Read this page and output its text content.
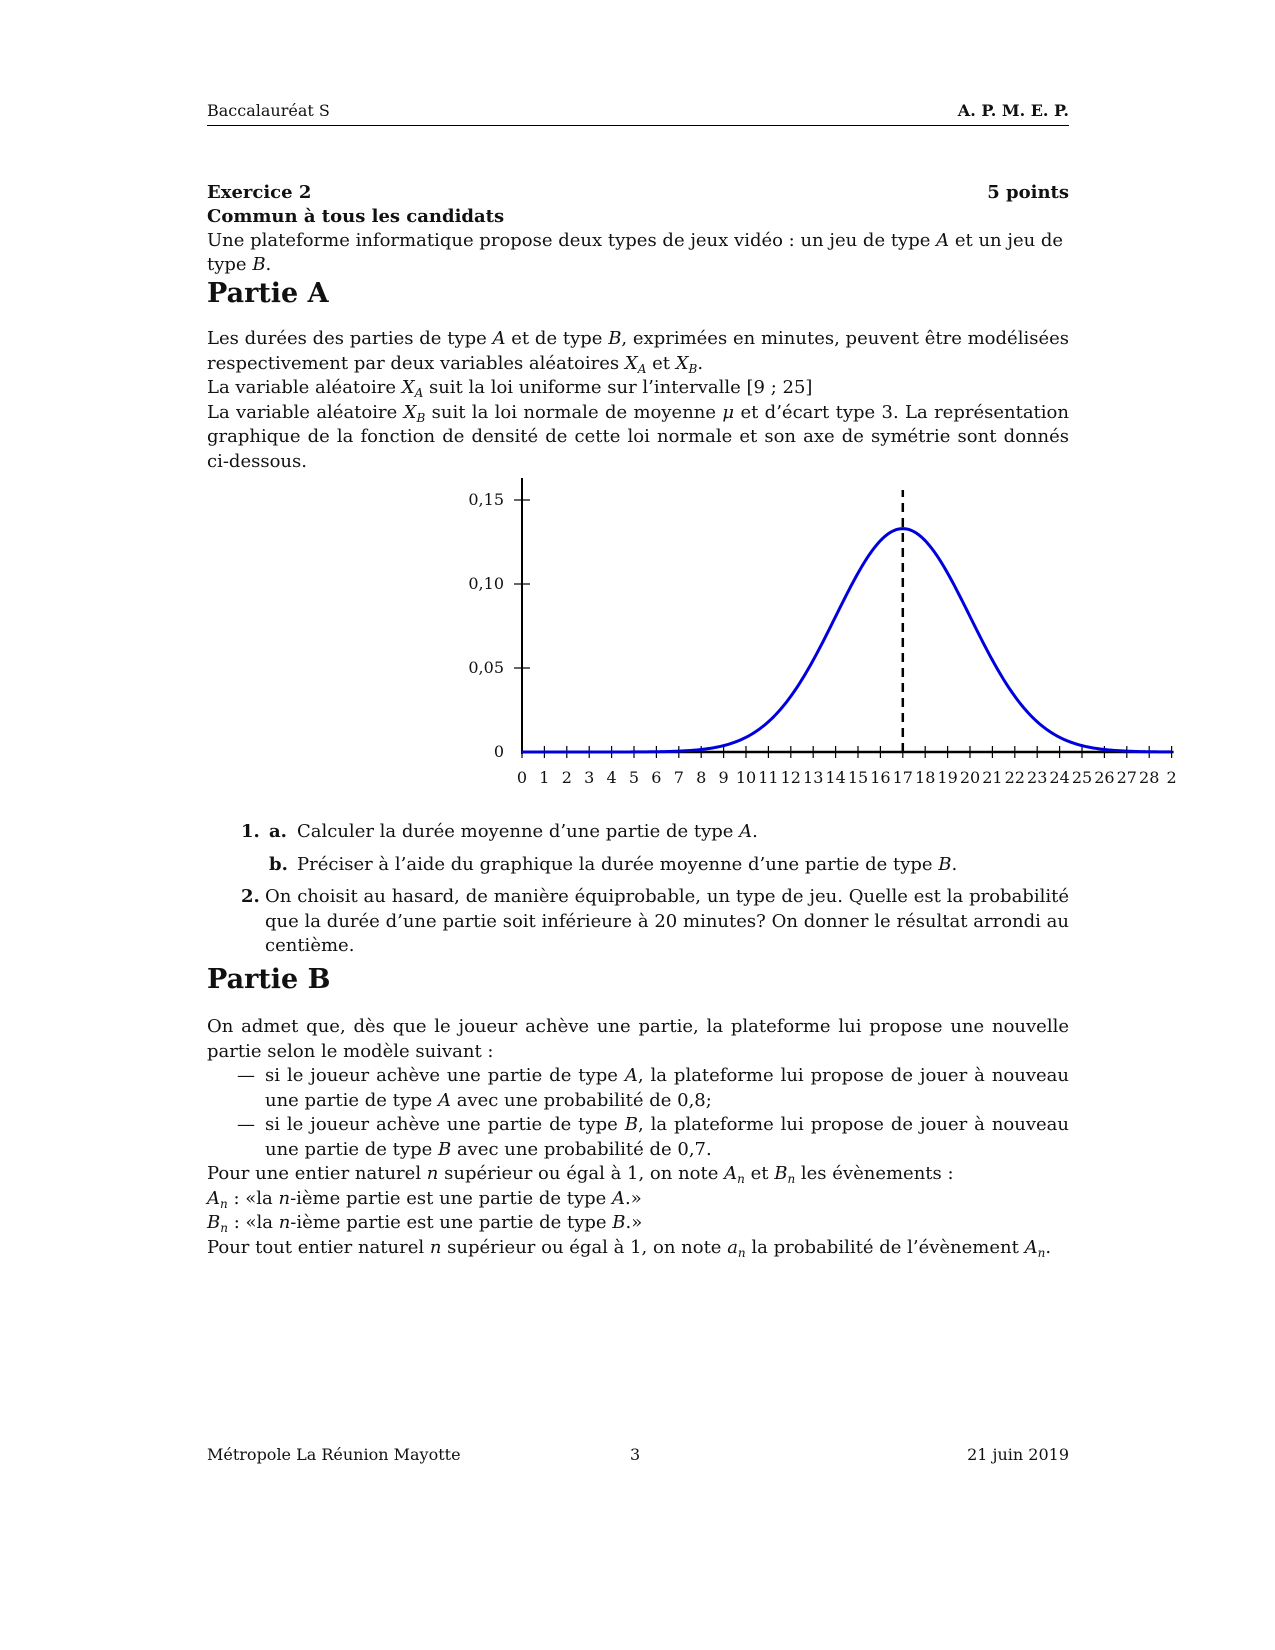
Baccalauréat S	A. P. M. E. P.
Exercice 2	5 points
Commun à tous les candidats
Une plateforme informatique propose deux types de jeux vidéo : un jeu de type A et un jeu de type B.
Partie A

Les durées des parties de type A et de type B, exprimées en minutes, peuvent être modélisées respectivement par deux variables aléatoires $X_A$ et $X_B$.

La variable aléatoire $X_A$ suit la loi uniforme sur l’intervalle [9 ; 25]

La variable aléatoire $X_B$ suit la loi normale de moyenne μ et d’écart type 3. La représentation graphique de la fonction de densité de cette loi normale et son axe de symétrie sont donnés ci-dessous.

0 1 2 3 4 5 6 7 8 9 10 11 12 13 14 15 16 17 18 19 20 21 22 23 24 25 26 27 28 2
0
0,05
0,10
0,15
1. a. Calculer la durée moyenne d’une partie de type A.
b. Préciser à l’aide du graphique la durée moyenne d’une partie de type B.
2. On choisit au hasard, de manière équiprobable, un type de jeu. Quelle est la probabilité que la durée d’une partie soit inférieure à 20 minutes? On donner le résultat arrondi au centième.
Partie B

On admet que, dès que le joueur achève une partie, la plateforme lui propose une nouvelle partie selon le modèle suivant :

— si le joueur achève une partie de type A, la plateforme lui propose de jouer à nouveau une partie de type A avec une probabilité de 0,8;
— si le joueur achève une partie de type B, la plateforme lui propose de jouer à nouveau une partie de type B avec une probabilité de 0,7.

Pour une entier naturel n supérieur ou égal à 1, on note $A_n$ et $B_n$ les évènements :

$A_n$ : «la n-ième partie est une partie de type A.»

$B_n$ : «la n-ième partie est une partie de type B.»

Pour tout entier naturel n supérieur ou égal à 1, on note $a_n$ la probabilité de l’évènement $A_n$.

Métropole La Réunion Mayotte	3	21 juin 2019
